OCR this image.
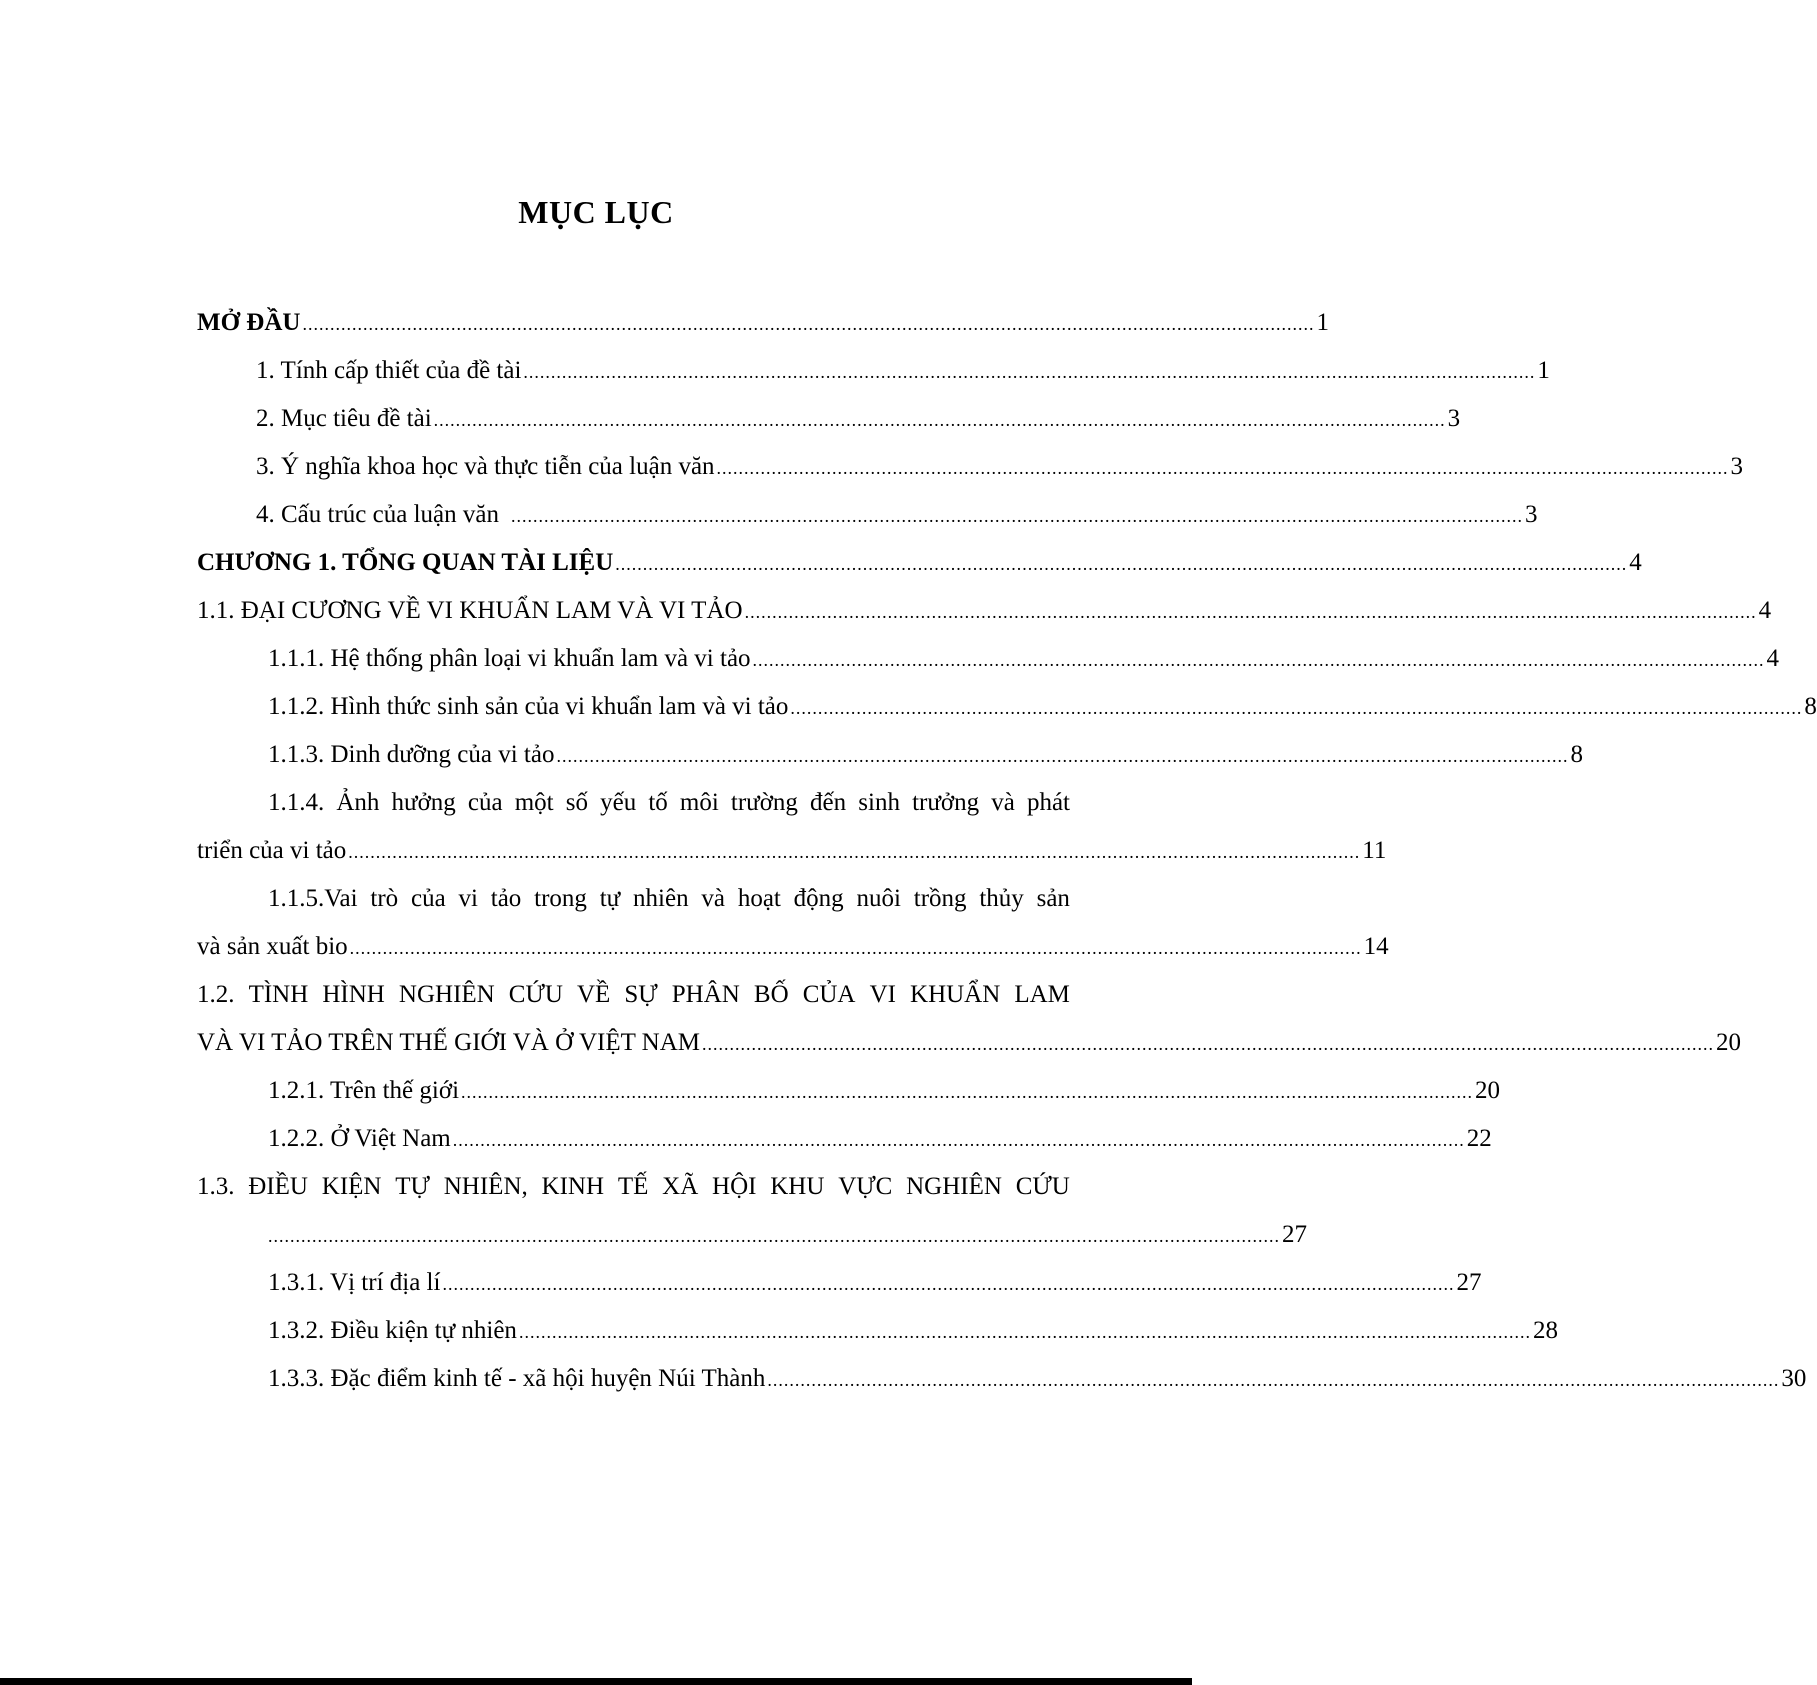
MỤC LỤC
MỞ ĐẦU ........................................................................................................................................................................................ 1
1. Tính cấp thiết của đề tài ........................................................................................................................................................................................ 1
2. Mục tiêu đề tài ........................................................................................................................................................................................ 3
3. Ý nghĩa khoa học và thực tiễn của luận văn ........................................................................................................................................................................................ 3
4. Cấu trúc của luận văn ........................................................................................................................................................................................ 3
CHƯƠNG 1. TỔNG QUAN TÀI LIỆU ........................................................................................................................................................................................ 4
1.1. ĐẠI CƯƠNG VỀ VI KHUẨN LAM VÀ VI TẢO ........................................................................................................................................................................................ 4
1.1.1. Hệ thống phân loại vi khuẩn lam và vi tảo ........................................................................................................................................................................................ 4
1.1.2. Hình thức sinh sản của vi khuẩn lam và vi tảo ........................................................................................................................................................................................ 8
1.1.3. Dinh dưỡng của vi tảo ........................................................................................................................................................................................ 8
1.1.4. Ảnh hưởng của một số yếu tố môi trường đến sinh trưởng và phát
triển của vi tảo ........................................................................................................................................................................................ 11
1.1.5.Vai trò của vi tảo trong tự nhiên và hoạt động nuôi trồng thủy sản
và sản xuất bio ........................................................................................................................................................................................ 14
1.2. TÌNH HÌNH NGHIÊN CỨU VỀ SỰ PHÂN BỐ CỦA VI KHUẨN LAM
VÀ VI TẢO TRÊN THẾ GIỚI VÀ Ở VIỆT NAM ........................................................................................................................................................................................ 20
1.2.1. Trên thế giới ........................................................................................................................................................................................ 20
1.2.2. Ở Việt Nam ........................................................................................................................................................................................ 22
1.3. ĐIỀU KIỆN TỰ NHIÊN, KINH TẾ XÃ HỘI KHU VỰC NGHIÊN CỨU
........................................................................................................................................................................................ 27
1.3.1. Vị trí địa lí ........................................................................................................................................................................................ 27
1.3.2. Điều kiện tự nhiên ........................................................................................................................................................................................ 28
1.3.3. Đặc điểm kinh tế - xã hội huyện Núi Thành ........................................................................................................................................................................................ 30
